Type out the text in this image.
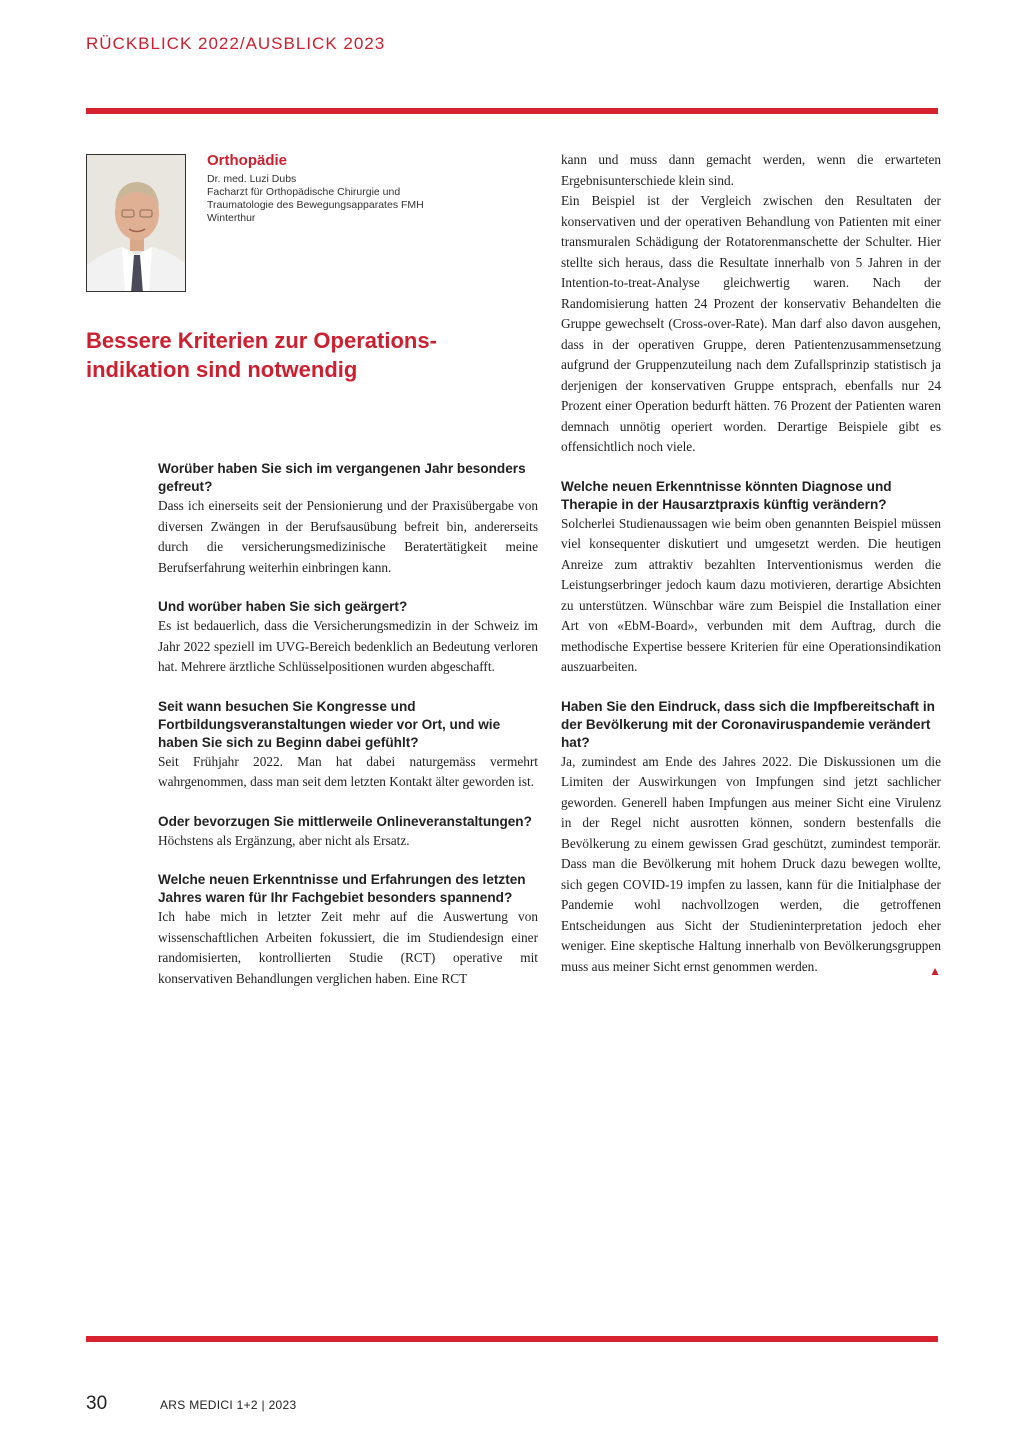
RÜCKBLICK 2022/AUSBLICK 2023
Orthopädie
Dr. med. Luzi Dubs
Facharzt für Orthopädische Chirurgie und
Traumatologie des Bewegungsapparates FMH
Winterthur
Bessere Kriterien zur Operations-
indikation sind notwendig

Worüber haben Sie sich im vergangenen Jahr besonders gefreut?

Dass ich einerseits seit der Pensionierung und der Praxisübergabe von diversen Zwängen in der Berufsausübung befreit bin, andererseits durch die versicherungsmedizinische Beratertätigkeit meine Berufserfahrung weiterhin einbringen kann.

Und worüber haben Sie sich geärgert?

Es ist bedauerlich, dass die Versicherungsmedizin in der Schweiz im Jahr 2022 speziell im UVG-Bereich bedenklich an Bedeutung verloren hat. Mehrere ärztliche Schlüsselpositionen wurden abgeschafft.

Seit wann besuchen Sie Kongresse und Fortbildungsveranstaltungen wieder vor Ort, und wie haben Sie sich zu Beginn dabei gefühlt?

Seit Frühjahr 2022. Man hat dabei naturgemäss vermehrt wahrgenommen, dass man seit dem letzten Kontakt älter geworden ist.

Oder bevorzugen Sie mittlerweile Onlineveranstaltungen?

Höchstens als Ergänzung, aber nicht als Ersatz.

Welche neuen Erkenntnisse und Erfahrungen des letzten Jahres waren für Ihr Fachgebiet besonders spannend?

Ich habe mich in letzter Zeit mehr auf die Auswertung von wissenschaftlichen Arbeiten fokussiert, die im Studiendesign einer randomisierten, kontrollierten Studie (RCT) operative mit konservativen Behandlungen verglichen haben. Eine RCT

kann und muss dann gemacht werden, wenn die erwarteten Ergebnisunterschiede klein sind.

Ein Beispiel ist der Vergleich zwischen den Resultaten der konservativen und der operativen Behandlung von Patienten mit einer transmuralen Schädigung der Rotatorenmanschette der Schulter. Hier stellte sich heraus, dass die Resultate innerhalb von 5 Jahren in der Intention-to-treat-Analyse gleichwertig waren. Nach der Randomisierung hatten 24 Prozent der konservativ Behandelten die Gruppe gewechselt (Cross-over-Rate). Man darf also davon ausgehen, dass in der operativen Gruppe, deren Patientenzusammensetzung aufgrund der Gruppenzuteilung nach dem Zufallsprinzip statistisch ja derjenigen der konservativen Gruppe entsprach, ebenfalls nur 24 Prozent einer Operation bedurft hätten. 76 Prozent der Patienten waren demnach unnötig operiert worden. Derartige Beispiele gibt es offensichtlich noch viele.

Welche neuen Erkenntnisse könnten Diagnose und Therapie in der Hausarztpraxis künftig verändern?

Solcherlei Studienaussagen wie beim oben genannten Beispiel müssen viel konsequenter diskutiert und umgesetzt werden. Die heutigen Anreize zum attraktiv bezahlten Interventionismus werden die Leistungserbringer jedoch kaum dazu motivieren, derartige Absichten zu unterstützen. Wünschbar wäre zum Beispiel die Installation einer Art von «EbM-Board», verbunden mit dem Auftrag, durch die methodische Expertise bessere Kriterien für eine Operationsindikation auszuarbeiten.

Haben Sie den Eindruck, dass sich die Impfbereitschaft in der Bevölkerung mit der Coronaviruspandemie verändert hat?

Ja, zumindest am Ende des Jahres 2022. Die Diskussionen um die Limiten der Auswirkungen von Impfungen sind jetzt sachlicher geworden. Generell haben Impfungen aus meiner Sicht eine Virulenz in der Regel nicht ausrotten können, sondern bestenfalls die Bevölkerung zu einem gewissen Grad geschützt, zumindest temporär. Dass man die Bevölkerung mit hohem Druck dazu bewegen wollte, sich gegen COVID-19 impfen zu lassen, kann für die Initialphase der Pandemie wohl nachvollzogen werden, die getroffenen Entscheidungen aus Sicht der Studieninterpretation jedoch eher weniger. Eine skeptische Haltung innerhalb von Bevölkerungsgruppen muss aus meiner Sicht ernst genommen werden.	▲

30	ARS MEDICI 1+2 | 2023
